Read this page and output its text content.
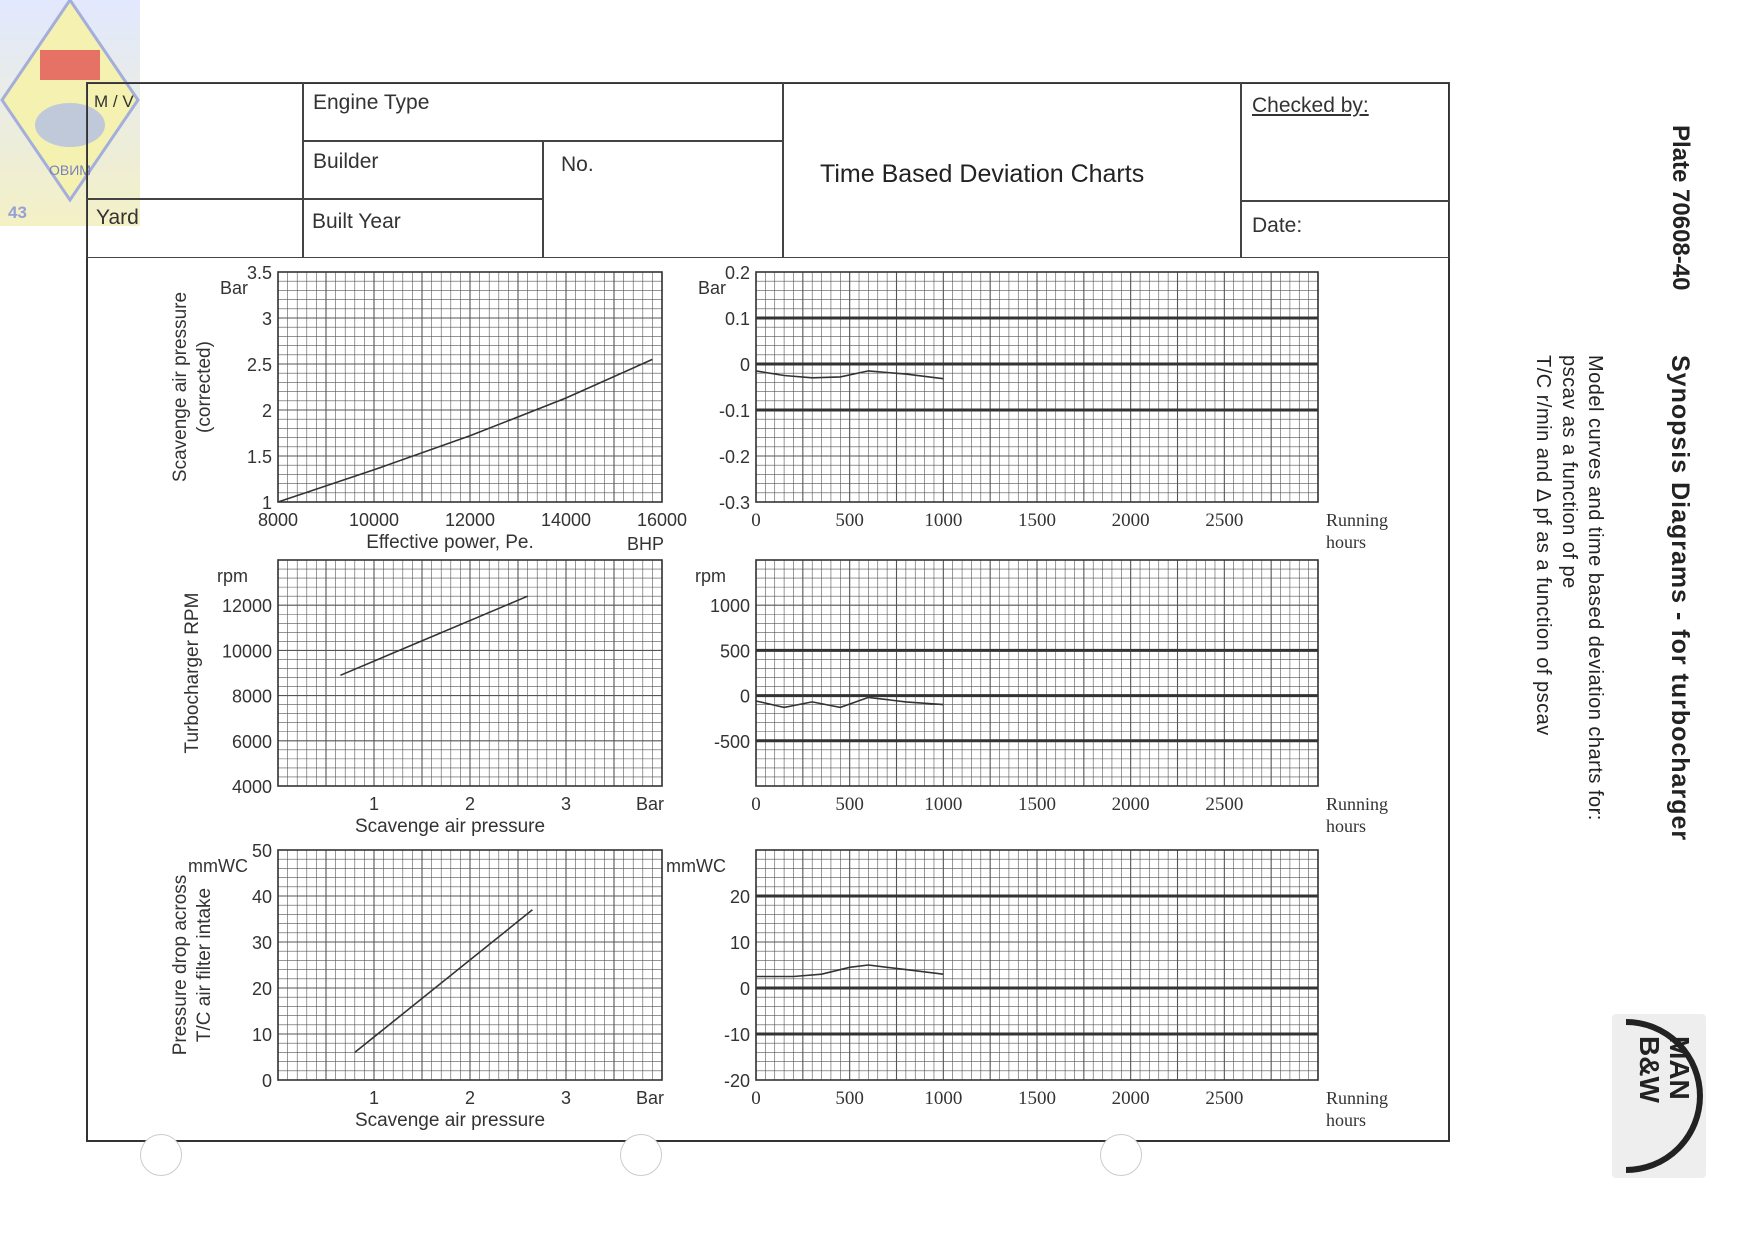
ОВИМ
43
M / V
Yard
Engine Type
Builder	No.
Built Year
Time Based Deviation Charts
Checked by:
Date:
1
1.5
2
2.5
3
3.5
8000	10000	12000	14000	16000
Bar
Effective power, Pe.	BHP
Scavenge air pressure (corrected)
-0.3
-0.2
-0.1
0
0.1
0.2
0	500	1000	1500	2000	2500
Bar
Running
hours
4000
6000
8000
10000
12000
1	2	3
rpm
Scavenge air pressure
Bar
Turbocharger RPM	-500
0
500
1000
0	500	1000	1500	2000	2500
rpm
Running
hours
0
10
20
30
40
50
1	2	3
mmWC
Scavenge air pressure
Bar
Pressure drop across T/C air filter intake
-20
-10
0
10
20
0	500	1000	1500	2000	2500
mmWC
Running
hours
Plate 70608-40
Synopsis Diagrams - for turbocharger
Model curves and time based deviation charts for:
pscav as a function of pe
T/C r/min and Δ pf as a function of pscav
MAN
B&W
